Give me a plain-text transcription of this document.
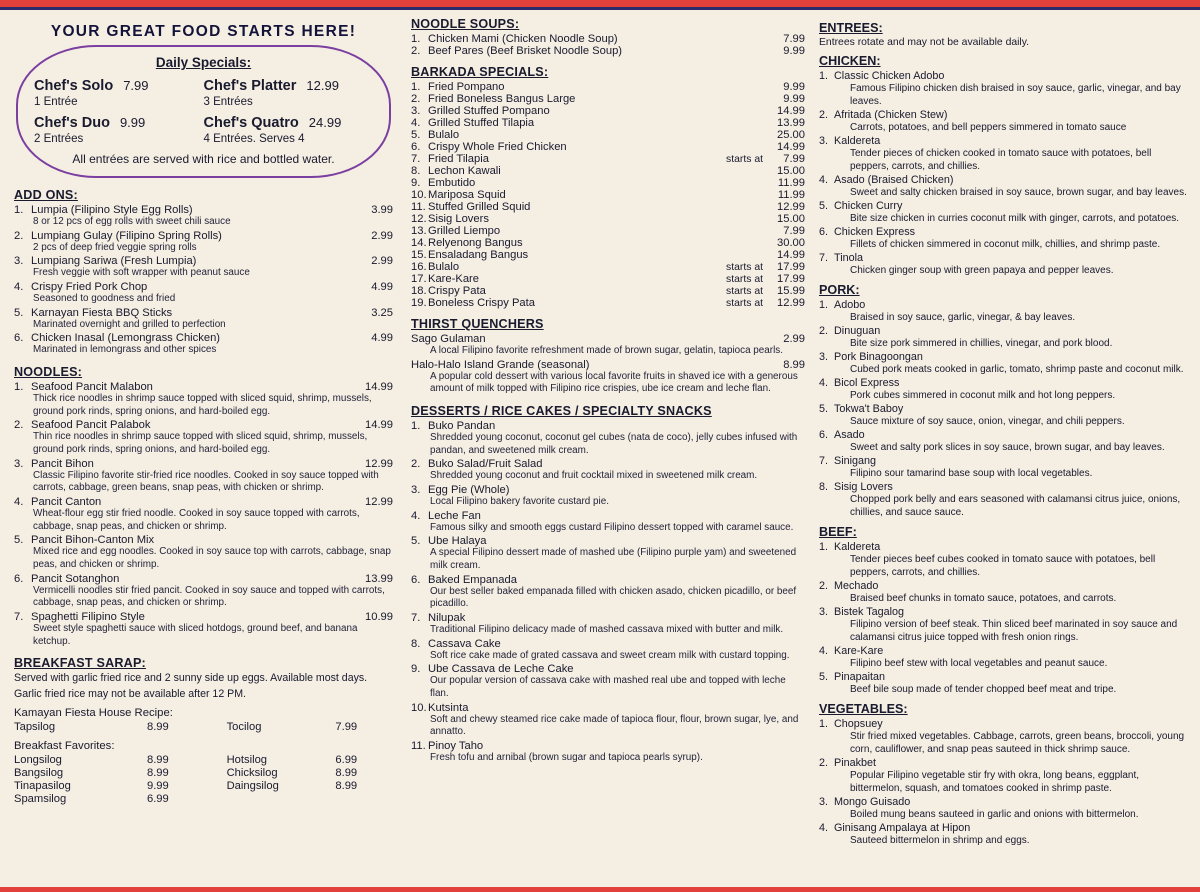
YOUR GREAT FOOD STARTS HERE!
Daily Specials:
Chef's Solo 7.99	Chef's Platter 12.99
1 Entrée	3 Entrées
Chef's Duo 9.99	Chef's Quatro 24.99
2 Entrées	4 Entrées. Serves 4
All entrées are served with rice and bottled water.
ADD ONS:
1. Lumpia (Filipino Style Egg Rolls)	3.99
8 or 12 pcs of egg rolls with sweet chili sauce
2. Lumpiang Gulay (Filipino Spring Rolls)	2.99
2 pcs of deep fried veggie spring rolls
3. Lumpiang Sariwa (Fresh Lumpia)	2.99
Fresh veggie with soft wrapper with peanut sauce
4. Crispy Fried Pork Chop	4.99
Seasoned to goodness and fried
5. Karnayan Fiesta BBQ Sticks	3.25
Marinated overnight and grilled to perfection
6. Chicken Inasal (Lemongrass Chicken)	4.99
Marinated in lemongrass and other spices
NOODLES:
1. Seafood Pancit Malabon	14.99
Thick rice noodles in shrimp sauce topped with sliced squid, shrimp, mussels, ground pork rinds, spring onions, and hard-boiled egg.
2. Seafood Pancit Palabok	14.99
Thin rice noodles in shrimp sauce topped with sliced squid, shrimp, mussels, ground pork rinds, spring onions, and hard-boiled egg.
3. Pancit Bihon	12.99
Classic Filipino favorite stir-fried rice noodles. Cooked in soy sauce topped with carrots, cabbage, green beans, snap peas, with chicken or shrimp.
4. Pancit Canton	12.99
Wheat-flour egg stir fried noodle. Cooked in soy sauce topped with carrots, cabbage, snap peas, and chicken or shrimp.
5. Pancit Bihon-Canton Mix
Mixed rice and egg noodles. Cooked in soy sauce top with carrots, cabbage, snap peas, and chicken or shrimp.
6. Pancit Sotanghon	13.99
Vermicelli noodles stir fried pancit. Cooked in soy sauce and topped with carrots, cabbage, snap peas, and chicken or shrimp.
7. Spaghetti Filipino Style	10.99
Sweet style spaghetti sauce with sliced hotdogs, ground beef, and banana ketchup.
BREAKFAST SARAP:
Served with garlic fried rice and 2 sunny side up eggs. Available most days.
Garlic fried rice may not be available after 12 PM.
Kamayan Fiesta House Recipe:
Tapsilog	8.99	Tocilog	7.99
Breakfast Favorites:
Longsilog	8.99	Hotsilog	6.99
Bangsilog	8.99	Chicksilog	8.99
Tinapasilog	9.99	Daingsilog	8.99
Spamsilog	6.99		
NOODLE SOUPS:
1. Chicken Mami (Chicken Noodle Soup)	7.99
2. Beef Pares (Beef Brisket Noodle Soup)	9.99
BARKADA SPECIALS:
1. Fried Pompano	9.99
2. Fried Boneless Bangus Large	9.99
3. Grilled Stuffed Pompano	14.99
4. Grilled Stuffed Tilapia	13.99
5. Bulalo	25.00
6. Crispy Whole Fried Chicken	14.99
7. Fried Tilapia	starts at	7.99
8. Lechon Kawali	15.00
9. Embutido	11.99
10. Mariposa Squid	11.99
11. Stuffed Grilled Squid	12.99
12. Sisig Lovers	15.00
13. Grilled Liempo	7.99
14. Relyenong Bangus	30.00
15. Ensaladang Bangus	14.99
16. Bulalo	starts at	17.99
17. Kare-Kare	starts at	17.99
18. Crispy Pata	starts at	15.99
19. Boneless Crispy Pata	starts at	12.99
THIRST QUENCHERS
Sago Gulaman	2.99
A local Filipino favorite refreshment made of brown sugar, gelatin, tapioca pearls.
Halo-Halo Island Grande (seasonal)	8.99
A popular cold dessert with various local favorite fruits in shaved ice with a generous amount of milk topped with Filipino rice crispies, ube ice cream and leche flan.
DESSERTS / RICE CAKES / SPECIALTY SNACKS
1. Buko Pandan
Shredded young coconut, coconut gel cubes (nata de coco), jelly cubes infused with pandan, and sweetened milk cream.
2. Buko Salad/Fruit Salad
Shredded young coconut and fruit cocktail mixed in sweetened milk cream.
3. Egg Pie (Whole)
Local Filipino bakery favorite custard pie.
4. Leche Fan
Famous silky and smooth eggs custard Filipino dessert topped with caramel sauce.
5. Ube Halaya
A special Filipino dessert made of mashed ube (Filipino purple yam) and sweetened milk cream.
6. Baked Empanada
Our best seller baked empanada filled with chicken asado, chicken picadillo, or beef picadillo.
7. Nilupak
Traditional Filipino delicacy made of mashed cassava mixed with butter and milk.
8. Cassava Cake
Soft rice cake made of grated cassava and sweet cream milk with custard topping.
9. Ube Cassava de Leche Cake
Our popular version of cassava cake with mashed real ube and topped with leche flan.
10. Kutsinta
Soft and chewy steamed rice cake made of tapioca flour, flour, brown sugar, lye, and annatto.
11. Pinoy Taho
Fresh tofu and arnibal (brown sugar and tapioca pearls syrup).
ENTREES:
Entrees rotate and may not be available daily.
CHICKEN:
1. Classic Chicken Adobo
Famous Filipino chicken dish braised in soy sauce, garlic, vinegar, and bay leaves.
2. Afritada (Chicken Stew)
Carrots, potatoes, and bell peppers simmered in tomato sauce
3. Kaldereta
Tender pieces of chicken cooked in tomato sauce with potatoes, bell peppers, carrots, and chillies.
4. Asado (Braised Chicken)
Sweet and salty chicken braised in soy sauce, brown sugar, and bay leaves.
5. Chicken Curry
Bite size chicken in curries coconut milk with ginger, carrots, and potatoes.
6. Chicken Express
Fillets of chicken simmered in coconut milk, chillies, and shrimp paste.
7. Tinola
Chicken ginger soup with green papaya and pepper leaves.
PORK:
1. Adobo
Braised in soy sauce, garlic, vinegar, & bay leaves.
2. Dinuguan
Bite size pork simmered in chillies, vinegar, and pork blood.
3. Pork Binagoongan
Cubed pork meats cooked in garlic, tomato, shrimp paste and coconut milk.
4. Bicol Express
Pork cubes simmered in coconut milk and hot long peppers.
5. Tokwa't Baboy
Sauce mixture of soy sauce, onion, vinegar, and chili peppers.
6. Asado
Sweet and salty pork slices in soy sauce, brown sugar, and bay leaves.
7. Sinigang
Filipino sour tamarind base soup with local vegetables.
8. Sisig Lovers
Chopped pork belly and ears seasoned with calamansi citrus juice, onions, chillies, and sauce sauce.
BEEF:
1. Kaldereta
Tender pieces beef cubes cooked in tomato sauce with potatoes, bell peppers, carrots, and chillies.
2. Mechado
Braised beef chunks in tomato sauce, potatoes, and carrots.
3. Bistek Tagalog
Filipino version of beef steak. Thin sliced beef marinated in soy sauce and calamansi citrus juice topped with fresh onion rings.
4. Kare-Kare
Filipino beef stew with local vegetables and peanut sauce.
5. Pinapaitan
Beef bile soup made of tender chopped beef meat and tripe.
VEGETABLES:
1. Chopsuey
Stir fried mixed vegetables. Cabbage, carrots, green beans, broccoli, young corn, cauliflower, and snap peas sauteed in thick shrimp sauce.
2. Pinakbet
Popular Filipino vegetable stir fry with okra, long beans, eggplant, bittermelon, squash, and tomatoes cooked in shrimp paste.
3. Mongo Guisado
Boiled mung beans sauteed in garlic and onions with bittermelon.
4. Ginisang Ampalaya at Hipon
Sauteed bittermelon in shrimp and eggs.
